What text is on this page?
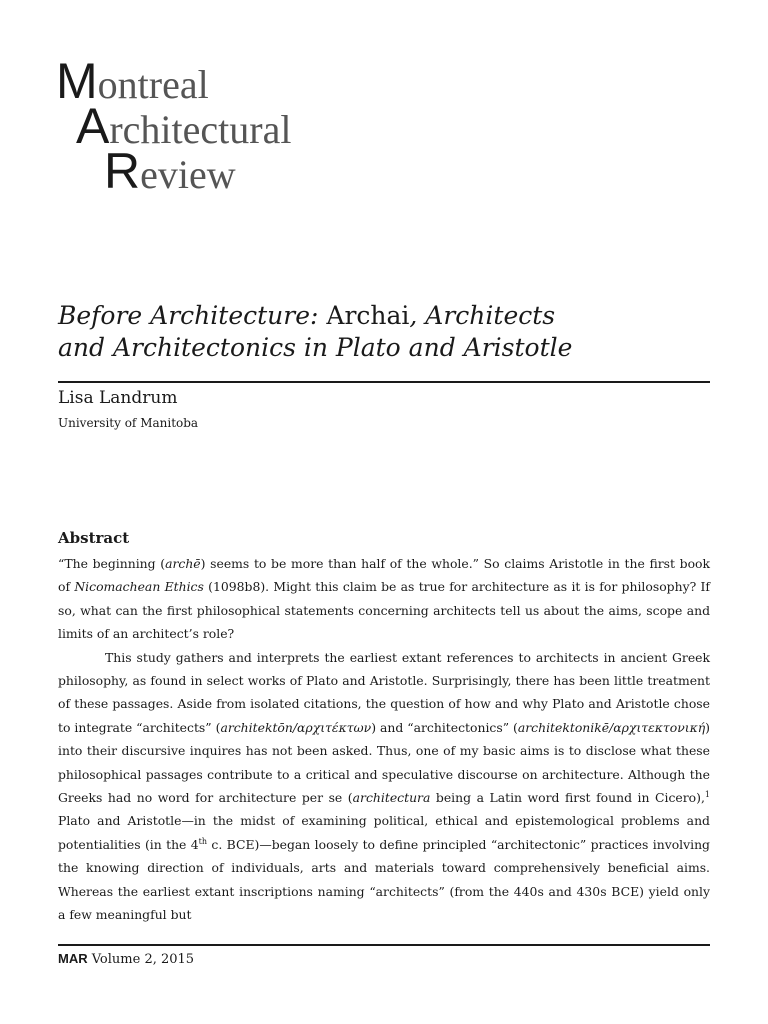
Montreal
Architectural
Review
Before Architecture: Archai, Architects
and Architectonics in Plato and Aristotle
Lisa Landrum
University of Manitoba
Abstract

“The beginning (archē) seems to be more than half of the whole.” So claims Aristotle in the first book of Nicomachean Ethics (1098b8). Might this claim be as true for architecture as it is for philosophy? If so, what can the first philosophical statements concerning architects tell us about the aims, scope and limits of an architect’s role?

This study gathers and interprets the earliest extant references to architects in ancient Greek philosophy, as found in select works of Plato and Aristotle. Surprisingly, there has been little treatment of these passages. Aside from isolated citations, the question of how and why Plato and Aristotle chose to integrate “architects” (architektōn/αρχιτέκτων) and “architectonics” (architektonikē/αρχιτεκτονική) into their discursive inquires has not been asked. Thus, one of my basic aims is to disclose what these philosophical passages contribute to a critical and speculative discourse on architecture. Although the Greeks had no word for architecture per se (architectura being a Latin word first found in Cicero),$^1$ Plato and Aristotle—in the midst of examining political, ethical and epistemological problems and potentialities (in the 4th c. BCE)—began loosely to define principled “architectonic” practices involving the knowing direction of individuals, arts and materials toward comprehensively beneficial aims. Whereas the earliest extant inscriptions naming “architects” (from the 440s and 430s BCE) yield only a few meaningful but

MAR Volume 2, 2015
